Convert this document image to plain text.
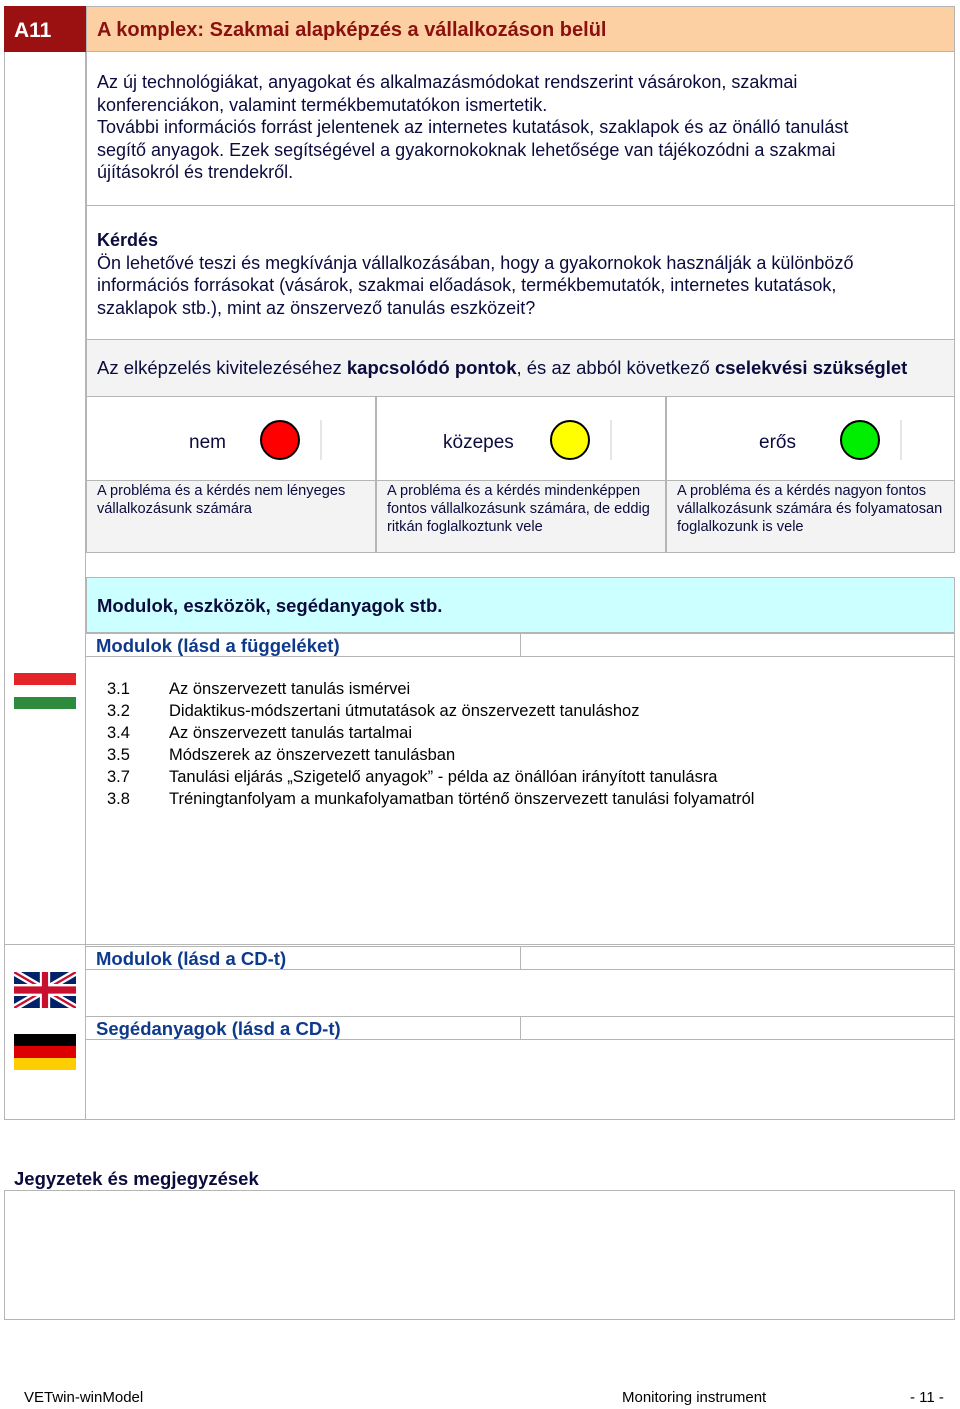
A11	A komplex: Szakmai alapképzés a vállalkozáson belül
Az új technológiákat, anyagokat és alkalmazásmódokat rendszerint vásárokon, szakmai
konferenciákon, valamint termékbemutatókon ismertetik.
További információs forrást jelentenek az internetes kutatások, szaklapok és az önálló tanulást
segítő anyagok. Ezek segítségével a gyakornokoknak lehetősége van tájékozódni a szakmai
újításokról és trendekről.
Kérdés
Ön lehetővé teszi és megkívánja vállalkozásában, hogy a gyakornokok használják a különböző
információs forrásokat (vásárok, szakmai előadások, termékbemutatók, internetes kutatások,
szaklapok stb.), mint az önszervező tanulás eszközeit?
Az elképzelés kivitelezéséhez kapcsolódó pontok, és az abból következő cselekvési szükséglet
nem	közepes	erős
A probléma és a kérdés nem lényeges vállalkozásunk számára
A probléma és a kérdés mindenképpen fontos vállalkozásunk számára, de eddig ritkán foglalkoztunk vele
A probléma és a kérdés nagyon fontos vállalkozásunk számára és folyamatosan foglalkozunk is vele
Modulok, eszközök, segédanyagok stb.
Modulok (lásd a függeléket)
3.1	Az önszervezett tanulás ismérvei
3.2	Didaktikus-módszertani útmutatások az önszervezett tanuláshoz
3.4	Az önszervezett tanulás tartalmai
3.5	Módszerek az önszervezett tanulásban
3.7	Tanulási eljárás „Szigetelő anyagok” - példa az önállóan irányított tanulásra
3.8	Tréningtanfolyam a munkafolyamatban történő önszervezett tanulási folyamatról
Modulok (lásd a CD-t)
Segédanyagok (lásd a CD-t)
Jegyzetek és megjegyzések
VETwin-winModel	Monitoring instrument	- 11 -
